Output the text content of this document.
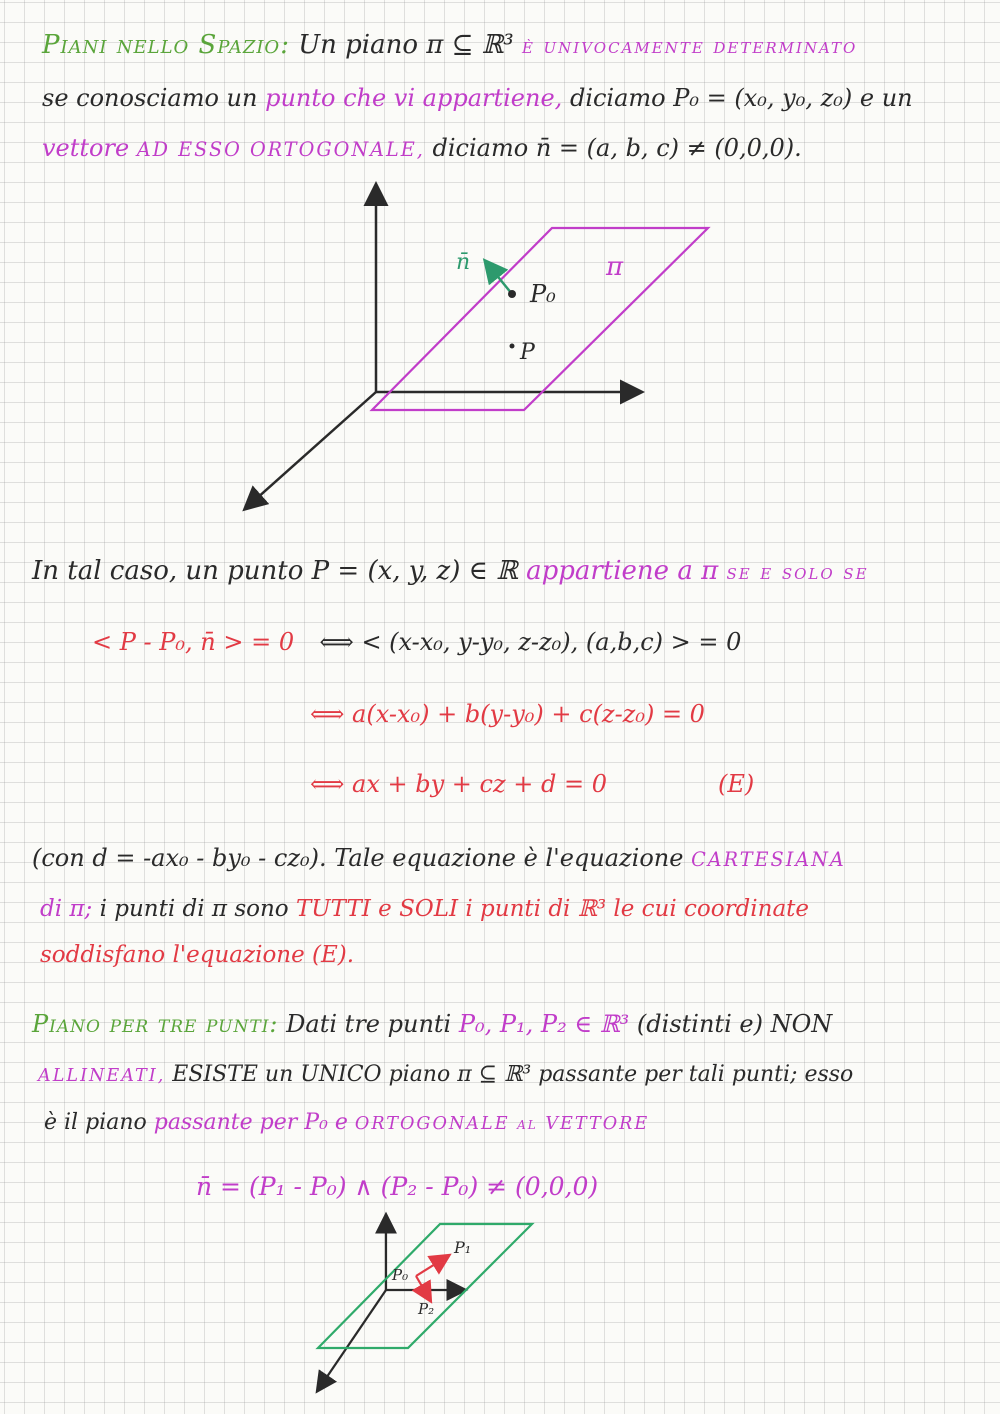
Piani nello Spazio: Un piano π ⊆ ℝ³ è univocamente determinato
se conosciamo un punto che vi appartiene, diciamo P₀ = (x₀, y₀, z₀) e un
vettore AD ESSO ORTOGONALE, diciamo n̄ = (a, b, c) ≠ (0,0,0).
n̄
P₀
P
π
In tal caso, un punto P = (x, y, z) ∈ ℝ appartiene a π se e solo se
< P - P₀, n̄ > = 0 ⟺ < (x-x₀, y-y₀, z-z₀), (a,b,c) > = 0
⟺ a(x-x₀) + b(y-y₀) + c(z-z₀) = 0
⟺ ax + by + cz + d = 0	(E)
(con d = -ax₀ - by₀ - cz₀). Tale equazione è l'equazione CARTESIANA
di π; i punti di π sono TUTTI e SOLI i punti di ℝ³ le cui coordinate
soddisfano l'equazione (E).
Piano per tre punti: Dati tre punti P₀, P₁, P₂ ∈ ℝ³ (distinti e) NON
ALLINEATI, ESISTE un UNICO piano π ⊆ ℝ³ passante per tali punti; esso
è il piano passante per P₀ e ORTOGONALE al VETTORE
n̄ = (P₁ - P₀) ∧ (P₂ - P₀) ≠ (0,0,0)
P₁
P₀
P₂
